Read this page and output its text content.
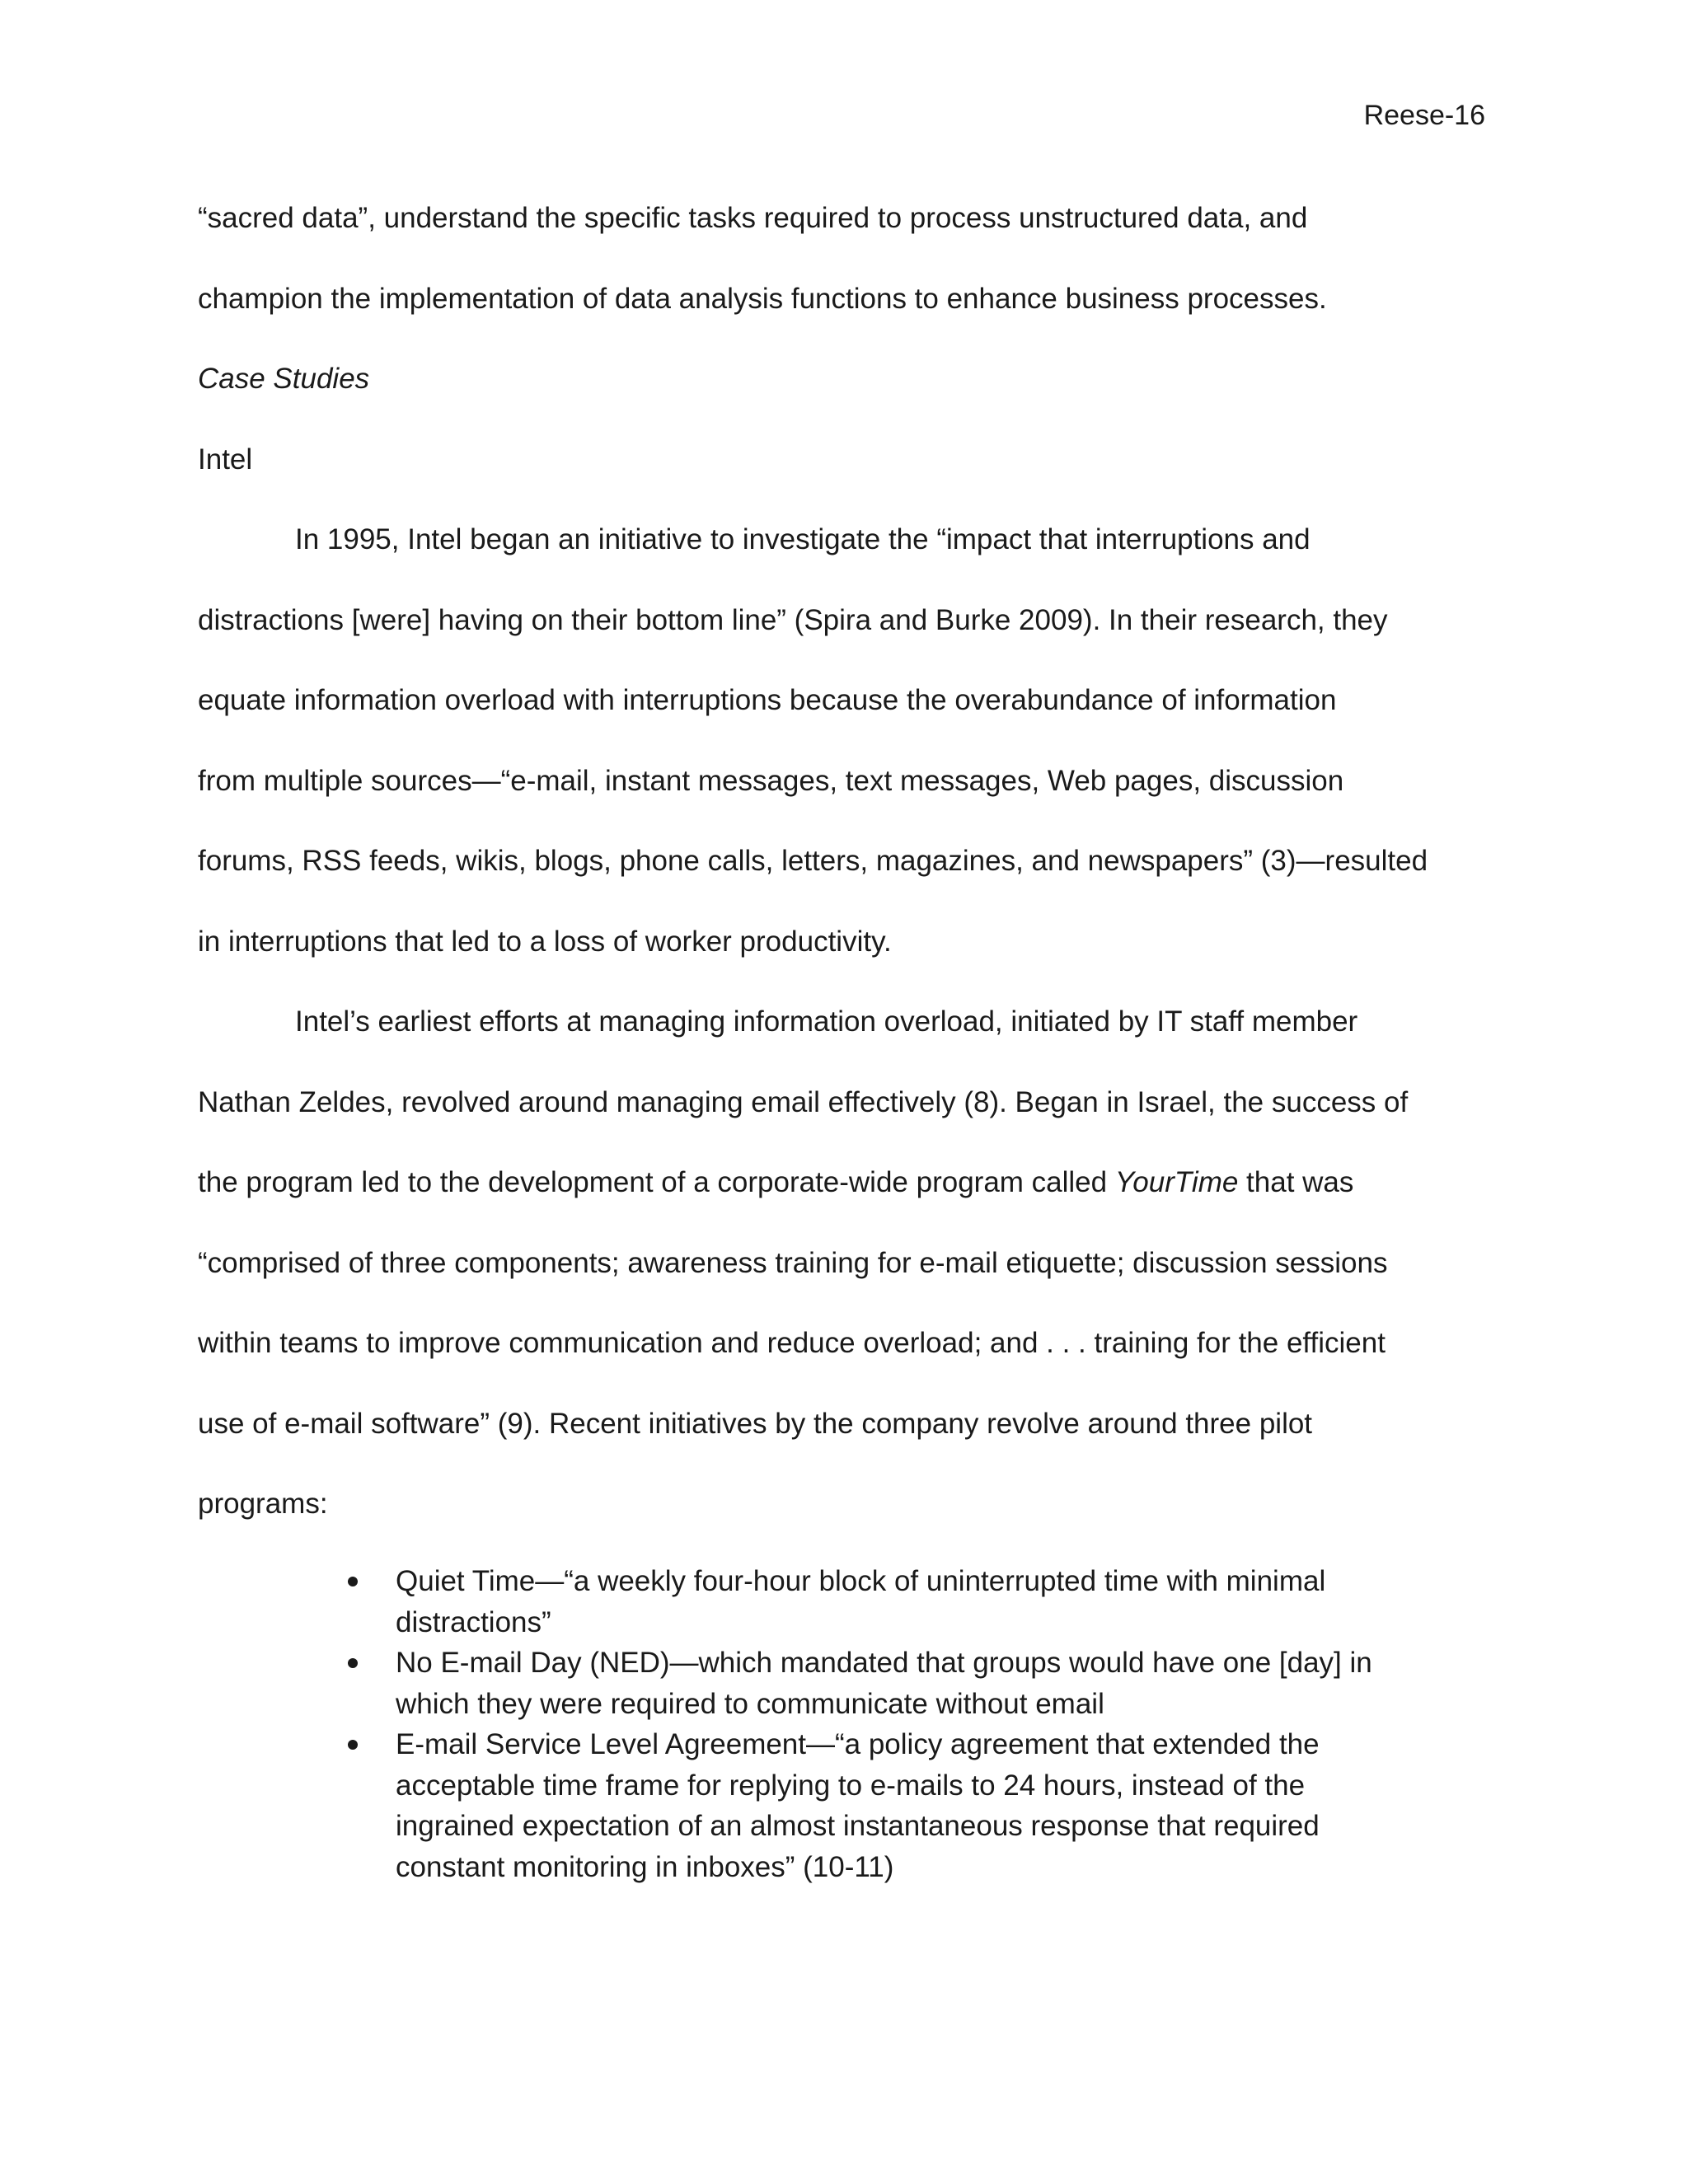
Reese-16
“sacred data”, understand the specific tasks required to process unstructured data, and
champion the implementation of data analysis functions to enhance business processes.
Case Studies
Intel
In 1995, Intel began an initiative to investigate the “impact that interruptions and
distractions [were] having on their bottom line” (Spira and Burke 2009). In their research, they
equate information overload with interruptions because the overabundance of information
from multiple sources—“e-mail, instant messages, text messages, Web pages, discussion
forums, RSS feeds, wikis, blogs, phone calls, letters, magazines, and newspapers” (3)—resulted
in interruptions that led to a loss of worker productivity.
Intel’s earliest efforts at managing information overload, initiated by IT staff member
Nathan Zeldes, revolved around managing email effectively (8). Began in Israel, the success of
the program led to the development of a corporate-wide program called YourTime that was
“comprised of three components; awareness training for e-mail etiquette; discussion sessions
within teams to improve communication and reduce overload; and . . . training for the efficient
use of e-mail software” (9). Recent initiatives by the company revolve around three pilot
programs:
Quiet Time—“a weekly four-hour block of uninterrupted time with minimal
distractions”
No E-mail Day (NED)—which mandated that groups would have one [day] in
which they were required to communicate without email
E-mail Service Level Agreement—“a policy agreement that extended the
acceptable time frame for replying to e-mails to 24 hours, instead of the
ingrained expectation of an almost instantaneous response that required
constant monitoring in inboxes” (10-11)
